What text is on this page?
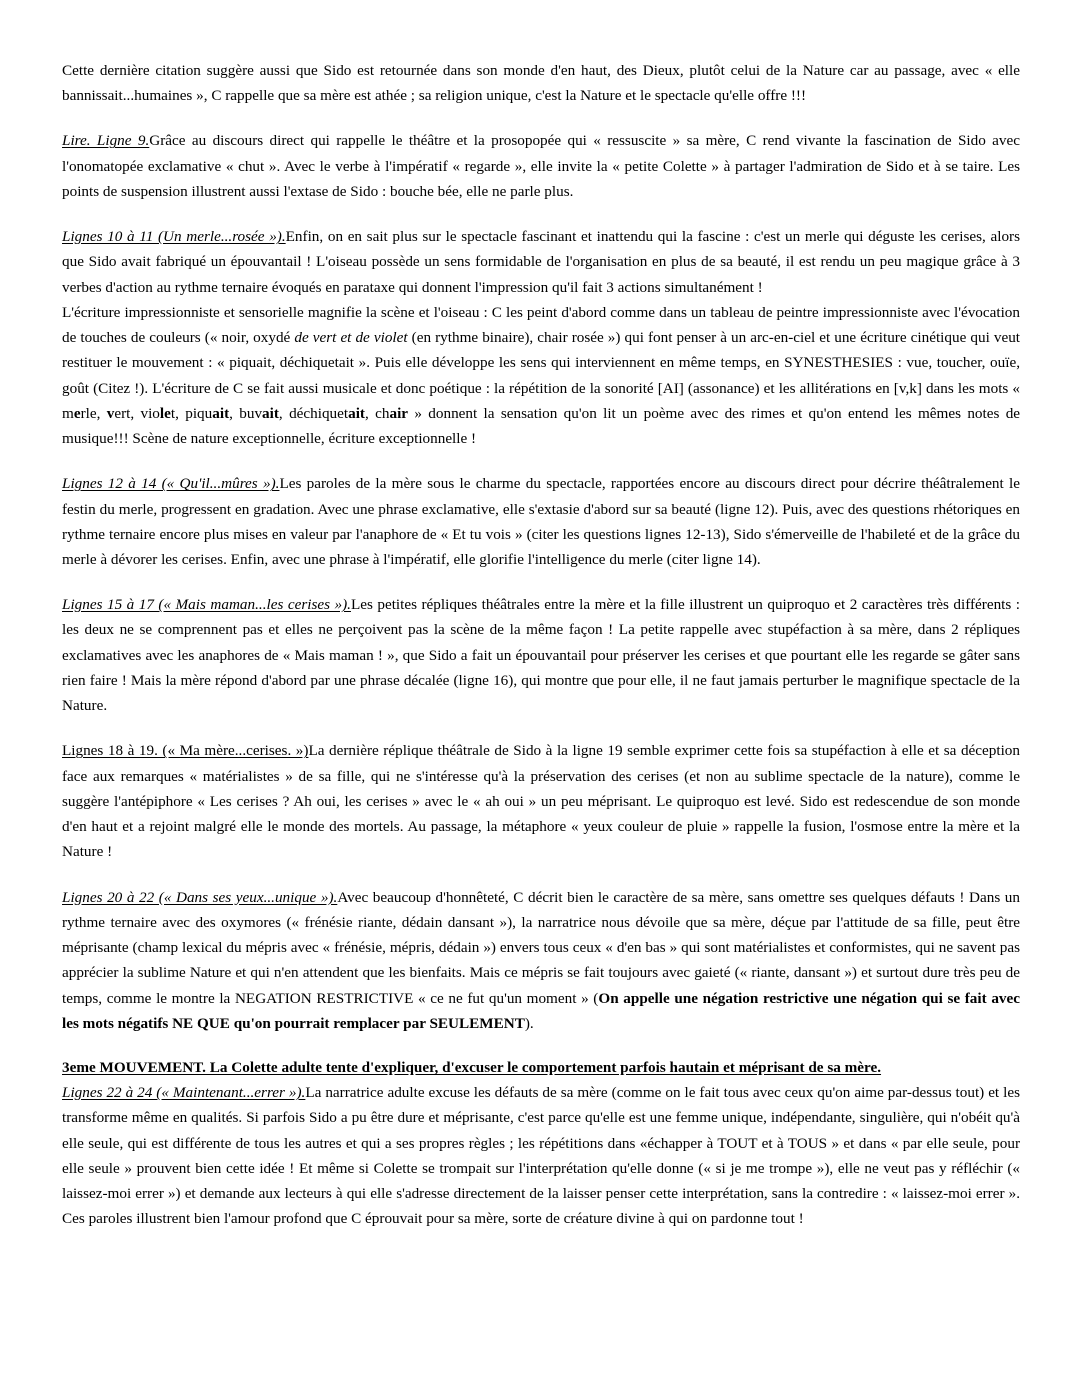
Cette dernière citation suggère aussi que Sido est retournée dans son monde d'en haut, des Dieux, plutôt celui de la Nature car au passage, avec « elle bannissait...humaines », C rappelle que sa mère est athée ; sa religion unique, c'est la Nature et le spectacle qu'elle offre !!!

Lire. Ligne 9.Grâce au discours direct qui rappelle le théâtre et la prosopopée qui « ressuscite » sa mère, C rend vivante la fascination de Sido avec l'onomatopée exclamative « chut ». Avec le verbe à l'impératif « regarde », elle invite la « petite Colette » à partager l'admiration de Sido et à se taire. Les points de suspension illustrent aussi l'extase de Sido : bouche bée, elle ne parle plus.

Lignes 10 à 11 (Un merle...rosée »).Enfin, on en sait plus sur le spectacle fascinant et inattendu qui la fascine : c'est un merle qui déguste les cerises, alors que Sido avait fabriqué un épouvantail ! L'oiseau possède un sens formidable de l'organisation en plus de sa beauté, il est rendu un peu magique grâce à 3 verbes d'action au rythme ternaire évoqués en parataxe qui donnent l'impression qu'il fait 3 actions simultanément !

L'écriture impressionniste et sensorielle magnifie la scène et l'oiseau : C les peint d'abord comme dans un tableau de peintre impressionniste avec l'évocation de touches de couleurs (« noir, oxydé de vert et de violet (en rythme binaire), chair rosée ») qui font penser à un arc-en-ciel et une écriture cinétique qui veut restituer le mouvement : « piquait, déchiquetait ». Puis elle développe les sens qui interviennent en même temps, en SYNESTHESIES : vue, toucher, ouïe, goût (Citez !). L'écriture de C se fait aussi musicale et donc poétique : la répétition de la sonorité [AI] (assonance) et les allitérations en [v,k] dans les mots « merle, vert, violet, piquait, buvait, déchiquetait, chair » donnent la sensation qu'on lit un poème avec des rimes et qu'on entend les mêmes notes de musique!!! Scène de nature exceptionnelle, écriture exceptionnelle !

Lignes 12 à 14 (« Qu'il...mûres »).Les paroles de la mère sous le charme du spectacle, rapportées encore au discours direct pour décrire théâtralement le festin du merle, progressent en gradation. Avec une phrase exclamative, elle s'extasie d'abord sur sa beauté (ligne 12). Puis, avec des questions rhétoriques en rythme ternaire encore plus mises en valeur par l'anaphore de « Et tu vois » (citer les questions lignes 12-13), Sido s'émerveille de l'habileté et de la grâce du merle à dévorer les cerises. Enfin, avec une phrase à l'impératif, elle glorifie l'intelligence du merle (citer ligne 14).

Lignes 15 à 17 (« Mais maman...les cerises »).Les petites répliques théâtrales entre la mère et la fille illustrent un quiproquo et 2 caractères très différents : les deux ne se comprennent pas et elles ne perçoivent pas la scène de la même façon ! La petite rappelle avec stupéfaction à sa mère, dans 2 répliques exclamatives avec les anaphores de « Mais maman ! », que Sido a fait un épouvantail pour préserver les cerises et que pourtant elle les regarde se gâter sans rien faire ! Mais la mère répond d'abord par une phrase décalée (ligne 16), qui montre que pour elle, il ne faut jamais perturber le magnifique spectacle de la Nature.

Lignes 18 à 19. (« Ma mère...cerises. »)La dernière réplique théâtrale de Sido à la ligne 19 semble exprimer cette fois sa stupéfaction à elle et sa déception face aux remarques « matérialistes » de sa fille, qui ne s'intéresse qu'à la préservation des cerises (et non au sublime spectacle de la nature), comme le suggère l'antépiphore « Les cerises ? Ah oui, les cerises » avec le « ah oui » un peu méprisant. Le quiproquo est levé. Sido est redescendue de son monde d'en haut et a rejoint malgré elle le monde des mortels. Au passage, la métaphore « yeux couleur de pluie » rappelle la fusion, l'osmose entre la mère et la Nature !

Lignes 20 à 22 (« Dans ses yeux...unique »).Avec beaucoup d'honnêteté, C décrit bien le caractère de sa mère, sans omettre ses quelques défauts ! Dans un rythme ternaire avec des oxymores (« frénésie riante, dédain dansant »), la narratrice nous dévoile que sa mère, déçue par l'attitude de sa fille, peut être méprisante (champ lexical du mépris avec « frénésie, mépris, dédain ») envers tous ceux « d'en bas » qui sont matérialistes et conformistes, qui ne savent pas apprécier la sublime Nature et qui n'en attendent que les bienfaits. Mais ce mépris se fait toujours avec gaieté (« riante, dansant ») et surtout dure très peu de temps, comme le montre la NEGATION RESTRICTIVE « ce ne fut qu'un moment » (On appelle une négation restrictive une négation qui se fait avec les mots négatifs NE QUE qu'on pourrait remplacer par SEULEMENT).

3eme MOUVEMENT. La Colette adulte tente d'expliquer, d'excuser le comportement parfois hautain et méprisant de sa mère.

Lignes 22 à 24 (« Maintenant...errer »).La narratrice adulte excuse les défauts de sa mère (comme on le fait tous avec ceux qu'on aime par-dessus tout) et les transforme même en qualités. Si parfois Sido a pu être dure et méprisante, c'est parce qu'elle est une femme unique, indépendante, singulière, qui n'obéit qu'à elle seule, qui est différente de tous les autres et qui a ses propres règles ; les répétitions dans «échapper à TOUT et à TOUS » et dans « par elle seule, pour elle seule » prouvent bien cette idée ! Et même si Colette se trompait sur l'interprétation qu'elle donne (« si je me trompe »), elle ne veut pas y réfléchir (« laissez-moi errer ») et demande aux lecteurs à qui elle s'adresse directement de la laisser penser cette interprétation, sans la contredire : « laissez-moi errer ». Ces paroles illustrent bien l'amour profond que C éprouvait pour sa mère, sorte de créature divine à qui on pardonne tout !
